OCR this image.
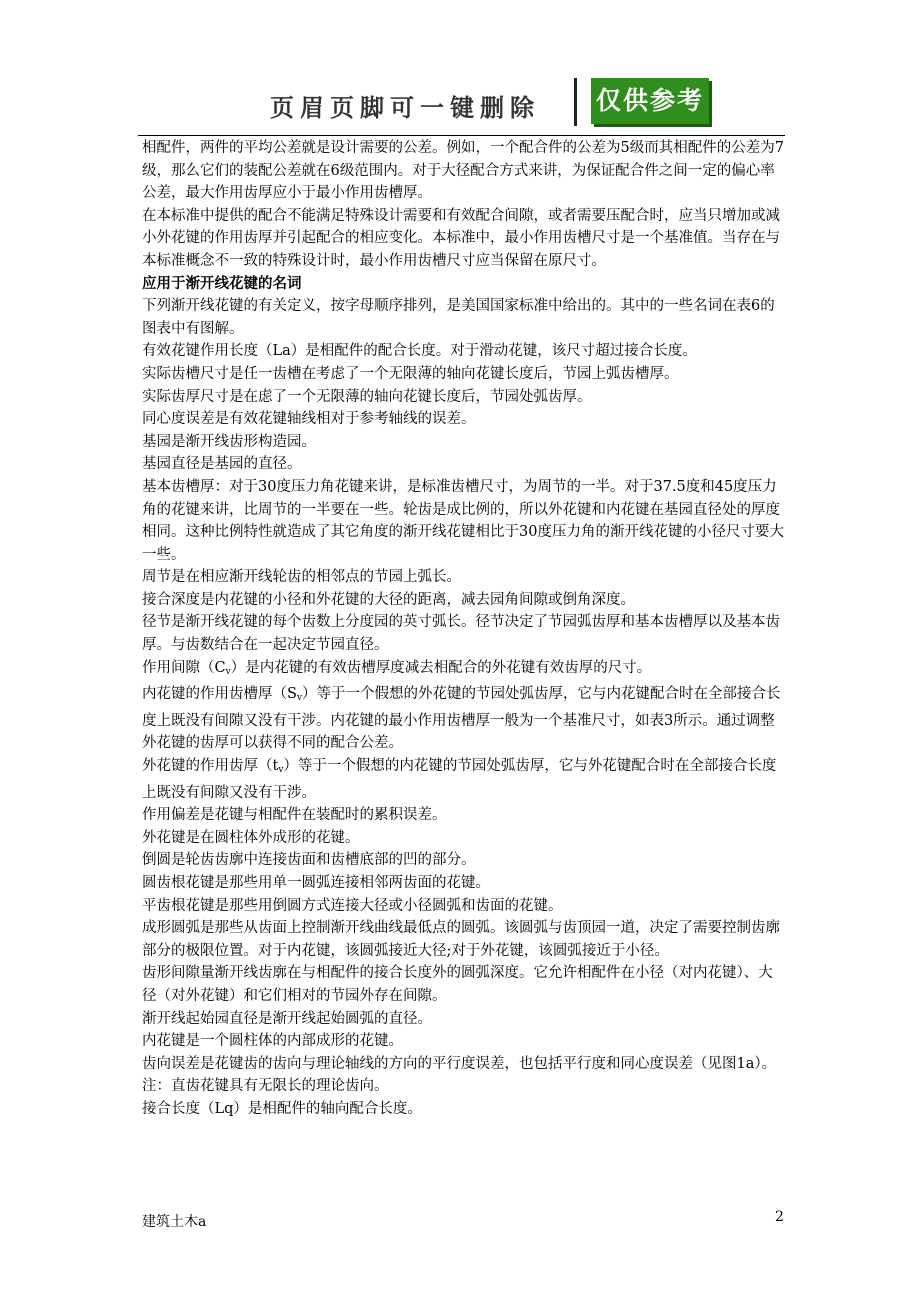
页眉页脚可一键删除 仅供参考

相配件，两件的平均公差就是设计需要的公差。例如，一个配合件的公差为5级而其相配件的公差为7级，那么它们的装配公差就在6级范围内。对于大径配合方式来讲，为保证配合件之间一定的偏心率公差，最大作用齿厚应小于最小作用齿槽厚。

在本标准中提供的配合不能满足特殊设计需要和有效配合间隙，或者需要压配合时，应当只增加或减小外花键的作用齿厚并引起配合的相应变化。本标准中，最小作用齿槽尺寸是一个基准值。当存在与本标准概念不一致的特殊设计时，最小作用齿槽尺寸应当保留在原尺寸。

应用于渐开线花键的名词

下列渐开线花键的有关定义，按字母顺序排列，是美国国家标准中给出的。其中的一些名词在表6的图表中有图解。

有效花键作用长度（La）是相配件的配合长度。对于滑动花键，该尺寸超过接合长度。

实际齿槽尺寸是任一齿槽在考虑了一个无限薄的轴向花键长度后，节园上弧齿槽厚。

实际齿厚尺寸是在虑了一个无限薄的轴向花键长度后，节园处弧齿厚。

同心度误差是有效花键轴线相对于参考轴线的误差。

基园是渐开线齿形构造园。

基园直径是基园的直径。

基本齿槽厚：对于30度压力角花键来讲，是标准齿槽尺寸，为周节的一半。对于37.5度和45度压力角的花键来讲，比周节的一半要在一些。轮齿是成比例的，所以外花键和内花键在基园直径处的厚度相同。这种比例特性就造成了其它角度的渐开线花键相比于30度压力角的渐开线花键的小径尺寸要大一些。

周节是在相应渐开线轮齿的相邻点的节园上弧长。

接合深度是内花键的小径和外花键的大径的距离，减去园角间隙或倒角深度。

径节是渐开线花键的每个齿数上分度园的英寸弧长。径节决定了节园弧齿厚和基本齿槽厚以及基本齿厚。与齿数结合在一起决定节园直径。

作用间隙$(C_v)$是内花键的有效齿槽厚度减去相配合的外花键有效齿厚的尺寸。

内花键的作用齿槽厚$(S_v)$等于一个假想的外花键的节园处弧齿厚，它与内花键配合时在全部接合长度上既没有间隙又没有干涉。内花键的最小作用齿槽厚一般为一个基准尺寸，如表3所示。通过调整外花键的齿厚可以获得不同的配合公差。

外花键的作用齿厚$(t_v)$等于一个假想的内花键的节园处弧齿厚，它与外花键配合时在全部接合长度上既没有间隙又没有干涉。

作用偏差是花键与相配件在装配时的累积误差。

外花键是在圆柱体外成形的花键。

倒圆是轮齿齿廓中连接齿面和齿槽底部的凹的部分。

圆齿根花键是那些用单一圆弧连接相邻两齿面的花键。

平齿根花键是那些用倒圆方式连接大径或小径圆弧和齿面的花键。

成形圆弧是那些从齿面上控制渐开线曲线最低点的圆弧。该圆弧与齿顶园一道，决定了需要控制齿廓部分的极限位置。对于内花键，该圆弧接近大径;对于外花键，该圆弧接近于小径。

齿形间隙量渐开线齿廓在与相配件的接合长度外的圆弧深度。它允许相配件在小径（对内花键）、大径（对外花键）和它们相对的节园外存在间隙。

渐开线起始园直径是渐开线起始圆弧的直径。

内花键是一个圆柱体的内部成形的花键。

齿向误差是花键齿的齿向与理论轴线的方向的平行度误差，也包括平行度和同心度误差（见图1a）。注：直齿花键具有无限长的理论齿向。

接合长度（Lq）是相配件的轴向配合长度。

建筑土木a	2
